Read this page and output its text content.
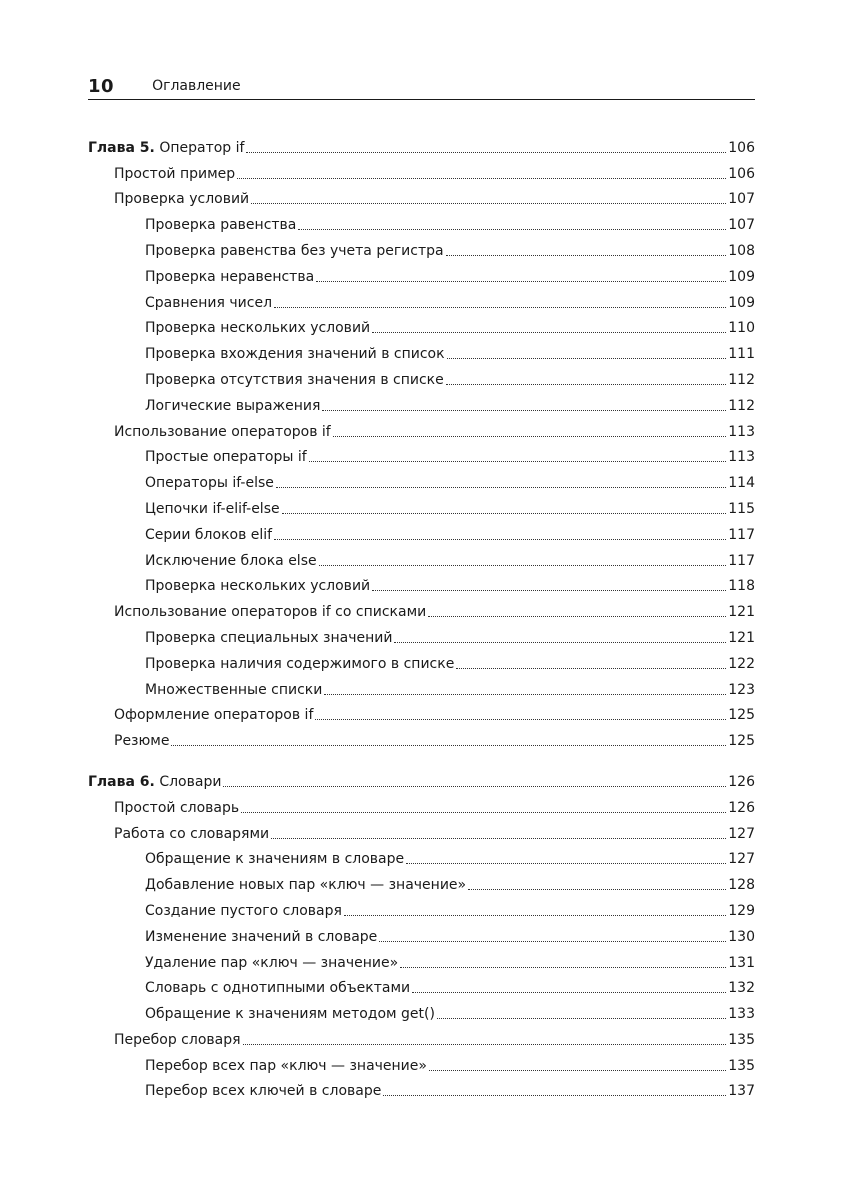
10	Оглавление
Глава 5. Оператор if	106
Простой пример	106
Проверка условий	107
Проверка равенства	107
Проверка равенства без учета регистра	108
Проверка неравенства	109
Сравнения чисел	109
Проверка нескольких условий	110
Проверка вхождения значений в список	111
Проверка отсутствия значения в списке	112
Логические выражения	112
Использование операторов if	113
Простые операторы if	113
Операторы if-else	114
Цепочки if-elif-else	115
Серии блоков elif	117
Исключение блока else	117
Проверка нескольких условий	118
Использование операторов if со списками	121
Проверка специальных значений	121
Проверка наличия содержимого в списке	122
Множественные списки	123
Оформление операторов if	125
Резюме	125
Глава 6. Словари	126
Простой словарь	126
Работа со словарями	127
Обращение к значениям в словаре	127
Добавление новых пар «ключ — значение»	128
Создание пустого словаря	129
Изменение значений в словаре	130
Удаление пар «ключ — значение»	131
Словарь с однотипными объектами	132
Обращение к значениям методом get()	133
Перебор словаря	135
Перебор всех пар «ключ — значение»	135
Перебор всех ключей в словаре	137
